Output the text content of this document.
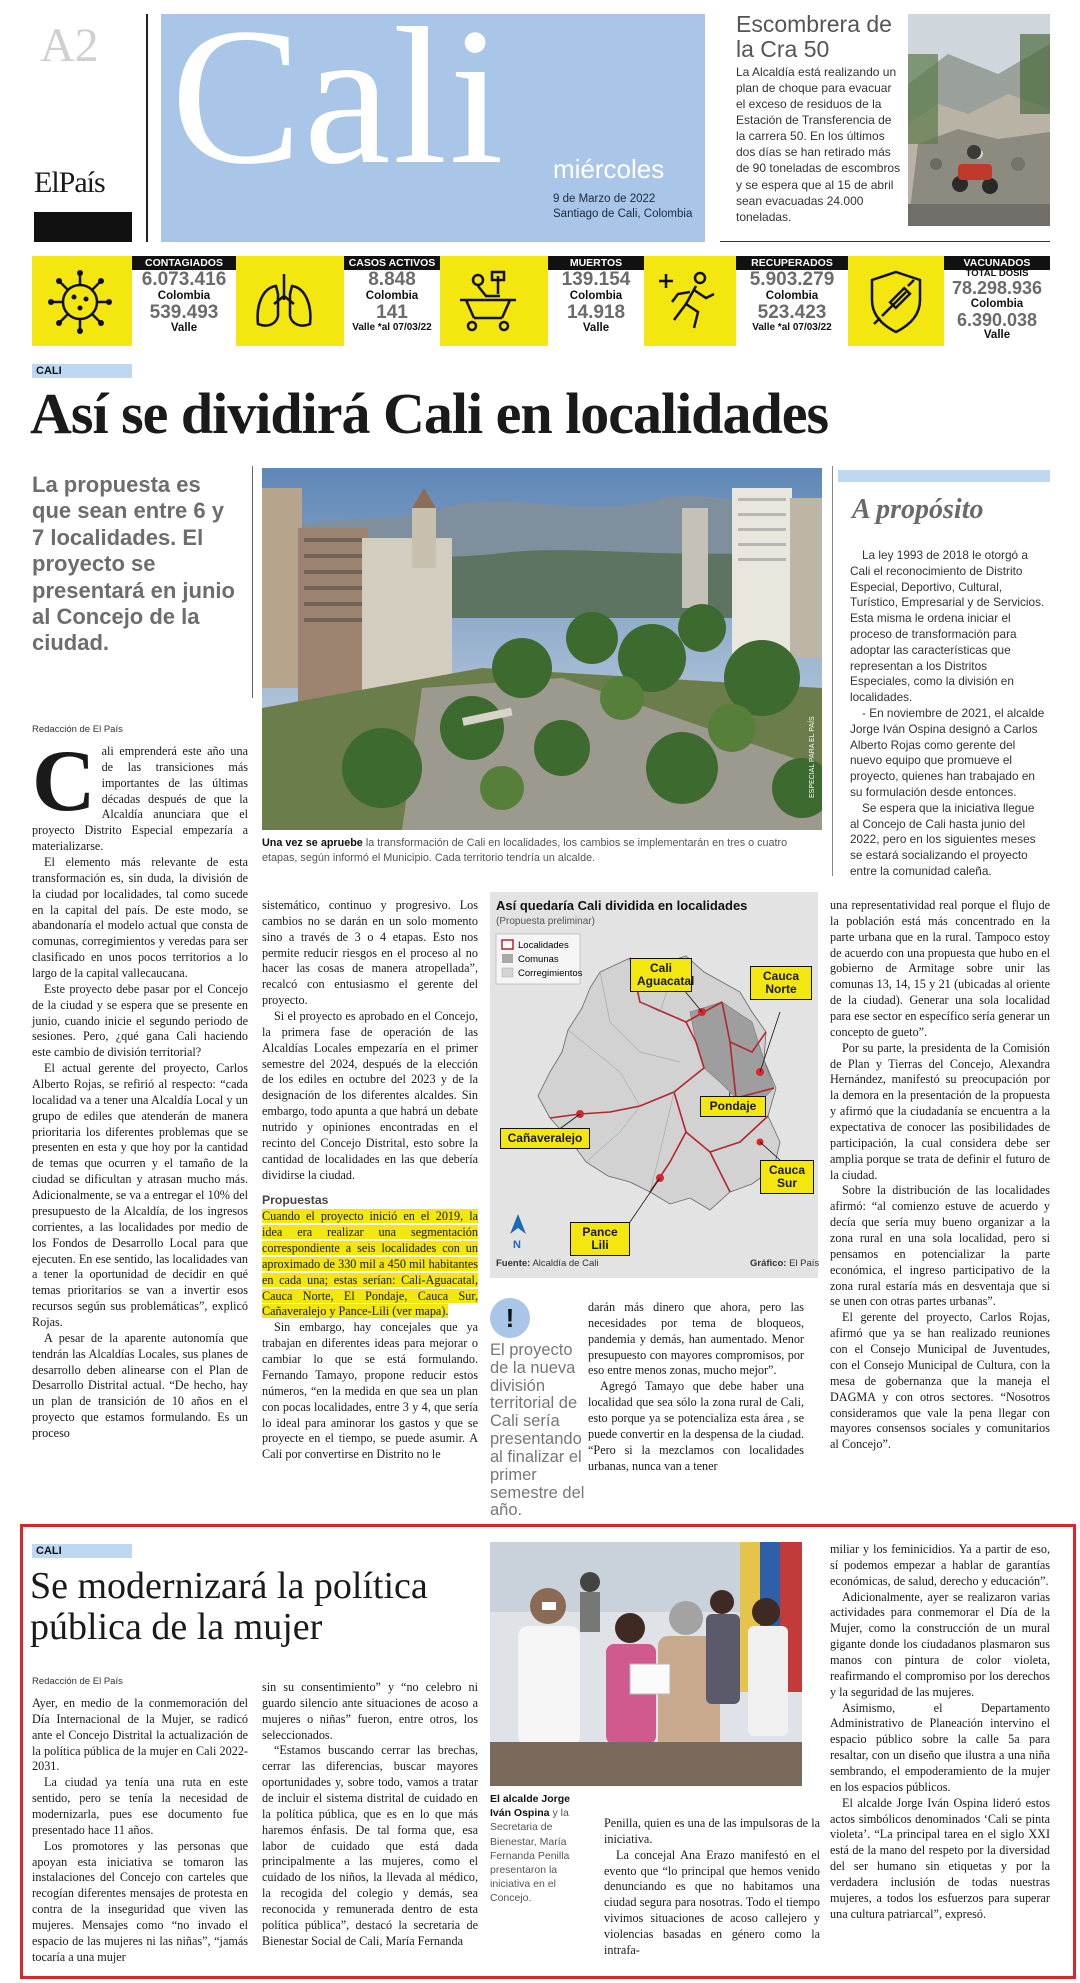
A2
ElPaís Cali miércoles
9 de Marzo de 2022
Santiago de Cali, Colombia
Escombrera de la Cra 50
La Alcaldía está realizando un plan de choque para evacuar el exceso de residuos de la Estación de Transferencia de la carrera 50. En los últimos dos días se han retirado más de 90 toneladas de escombros y se espera que al 15 de abril sean evacuadas 24.000 toneladas.
CONTAGIADOS
6.073.416
Colombia
539.493
Valle
CASOS ACTIVOS
8.848
Colombia
141
Valle *al 07/03/22
MUERTOS
139.154
Colombia
14.918
Valle
RECUPERADOS
5.903.279
Colombia
523.423
Valle *al 07/03/22
VACUNADOS
TOTAL DOSIS
78.298.936
Colombia
6.390.038
Valle
CALI
Así se dividirá Cali en localidades
La propuesta es que sean entre 6 y 7 localidades. El proyecto se presentará en junio al Concejo de la ciudad.
ESPECIAL PARA EL PAÍS
Una vez se apruebe la transformación de Cali en localidades, los cambios se implementarán en tres o cuatro etapas, según informó el Municipio. Cada territorio tendría un alcalde.
A propósito

La ley 1993 de 2018 le otorgó a Cali el reconocimiento de Distrito Especial, Deportivo, Cultural, Turístico, Empresarial y de Servicios. Esta misma le ordena iniciar el proceso de transformación para adoptar las características que representan a los Distritos Especiales, como la división en localidades.

- En noviembre de 2021, el alcalde Jorge Iván Ospina designó a Carlos Alberto Rojas como gerente del nuevo equipo que promueve el proyecto, quienes han trabajado en su formulación desde entonces.

Se espera que la iniciativa llegue al Concejo de Cali hasta junio del 2022, pero en los siguientes meses se estará socializando el proyecto entre la comunidad caleña.

Redacción de El País
C ali emprenderá este año una de las transiciones más importantes de las últimas décadas después de que la Alcaldía anunciara que el proyecto Distrito Especial empezaría a materializarse.

El elemento más relevante de esta transformación es, sin duda, la división de la ciudad por localidades, tal como sucede en la capital del país. De este modo, se abandonaría el modelo actual que consta de comunas, corregimientos y veredas para ser clasificado en unos pocos territorios a lo largo de la capital vallecaucana.

Este proyecto debe pasar por el Concejo de la ciudad y se espera que se presente en junio, cuando inicie el segundo periodo de sesiones. Pero, ¿qué gana Cali haciendo este cambio de división territorial?

El actual gerente del proyecto, Carlos Alberto Rojas, se refirió al respecto: “cada localidad va a tener una Alcaldía Local y un grupo de ediles que atenderán de manera prioritaria los diferentes problemas que se presenten en esta y que hoy por la cantidad de temas que ocurren y el tamaño de la ciudad se dificultan y atrasan mucho más. Adicionalmente, se va a entregar el 10% del presupuesto de la Alcaldía, de los ingresos corrientes, a las localidades por medio de los Fondos de Desarrollo Local para que ejecuten. En ese sentido, las localidades van a tener la oportunidad de decidir en qué temas prioritarios se van a invertir esos recursos según sus problemáticas”, explicó Rojas.

A pesar de la aparente autonomía que tendrán las Alcaldías Locales, sus planes de desarrollo deben alinearse con el Plan de Desarrollo Distrital actual. “De hecho, hay un plan de transición de 10 años en el proyecto que estamos formulando. Es un proceso

sistemático, continuo y progresivo. Los cambios no se darán en un solo momento sino a través de 3 o 4 etapas. Esto nos permite reducir riesgos en el proceso al no hacer las cosas de manera atropellada”, recalcó con entusiasmo el gerente del proyecto.

Si el proyecto es aprobado en el Concejo, la primera fase de operación de las Alcaldías Locales empezaría en el primer semestre del 2024, después de la elección de los ediles en octubre del 2023 y de la designación de los diferentes alcaldes. Sin embargo, todo apunta a que habrá un debate nutrido y opiniones encontradas en el recinto del Concejo Distrital, esto sobre la cantidad de localidades en las que debería dividirse la ciudad.

Propuestas

Cuando el proyecto inició en el 2019, la idea era realizar una segmentación correspondiente a seis localidades con un aproximado de 330 mil a 450 mil habitantes en cada una; estas serían: Cali-Aguacatal, Cauca Norte, El Pondaje, Cauca Sur, Cañaveralejo y Pance-Lili (ver mapa).

Sin embargo, hay concejales que ya trabajan en diferentes ideas para mejorar o cambiar lo que se está formulando. Fernando Tamayo, propone reducir estos números, “en la medida en que sea un plan con pocas localidades, entre 3 y 4, que sería lo ideal para aminorar los gastos y que se proyecte en el tiempo, se puede asumir. A Cali por convertirse en Distrito no le

Así quedaría Cali dividida en localidades
(Propuesta preliminar)
Localidades
Comunas
Corregimientos
N
Cali Aguacatal	Cauca Norte
Pondaje
Cañaveralejo
Cauca Sur
Pance Lili
Fuente: Alcaldía de Cali	Gráfico: El País
!
El proyecto de la nueva división territorial de Cali sería presentando al finalizar el primer semestre del año.

darán más dinero que ahora, pero las necesidades por tema de bloqueos, pandemia y demás, han aumentado. Menor presupuesto con mayores compromisos, por eso entre menos zonas, mucho mejor”.

Agregó Tamayo que debe haber una localidad que sea sólo la zona rural de Cali, esto porque ya se potencializa esta área , se puede convertir en la despensa de la ciudad. “Pero si la mezclamos con localidades urbanas, nunca van a tener

una representatividad real porque el flujo de la población está más concentrado en la parte urbana que en la rural. Tampoco estoy de acuerdo con una propuesta que hubo en el gobierno de Armitage sobre unir las comunas 13, 14, 15 y 21 (ubicadas al oriente de la ciudad). Generar una sola localidad para ese sector en específico sería generar un concepto de gueto”.

Por su parte, la presidenta de la Comisión de Plan y Tierras del Concejo, Alexandra Hernández, manifestó su preocupación por la demora en la presentación de la propuesta y afirmó que la ciudadanía se encuentra a la expectativa de conocer las posibilidades de participación, la cual considera debe ser amplia porque se trata de definir el futuro de la ciudad.

Sobre la distribución de las localidades afirmó: “al comienzo estuve de acuerdo y decía que sería muy bueno organizar a la zona rural en una sola localidad, pero si pensamos en potencializar la parte económica, el ingreso participativo de la zona rural estaría más en desventaja que si se unen con otras partes urbanas”.

El gerente del proyecto, Carlos Rojas, afirmó que ya se han realizado reuniones con el Consejo Municipal de Juventudes, con el Consejo Municipal de Cultura, con la mesa de gobernanza que la maneja el DAGMA y con otros sectores. “Nosotros consideramos que vale la pena llegar con mayores consensos sociales y comunitarios al Concejo”.

CALI
Se modernizará la política pública de la mujer
Redacción de El País

Ayer, en medio de la conmemoración del Día Internacional de la Mujer, se radicó ante el Concejo Distrital la actualización de la política pública de la mujer en Cali 2022-2031.

La ciudad ya tenía una ruta en este sentido, pero se tenía la necesidad de modernizarla, pues ese documento fue presentado hace 11 años.

Los promotores y las personas que apoyan esta iniciativa se tomaron las instalaciones del Concejo con carteles que recogían diferentes mensajes de protesta en contra de la inseguridad que viven las mujeres. Mensajes como “no invado el espacio de las mujeres ni las niñas”, “jamás tocaría a una mujer

sin su consentimiento” y “no celebro ni guardo silencio ante situaciones de acoso a mujeres o niñas” fueron, entre otros, los seleccionados.

“Estamos buscando cerrar las brechas, cerrar las diferencias, buscar mayores oportunidades y, sobre todo, vamos a tratar de incluir el sistema distrital de cuidado en la política pública, que es en lo que más haremos énfasis. De tal forma que, esa labor de cuidado que está dada principalmente a las mujeres, como el cuidado de los niños, la llevada al médico, la recogida del colegio y demás, sea reconocida y remunerada dentro de esta política pública”, destacó la secretaria de Bienestar Social de Cali, María Fernanda

El alcalde Jorge Iván Ospina y la Secretaria de Bienestar, María Fernanda Penilla presentaron la iniciativa en el Concejo.

Penilla, quien es una de las impulsoras de la iniciativa.

La concejal Ana Erazo manifestó en el evento que “lo principal que hemos venido denunciando es que no habitamos una ciudad segura para nosotras. Todo el tiempo vivimos situaciones de acoso callejero y violencias basadas en género como la intrafa-

miliar y los feminicidios. Ya a partir de eso, sí podemos empezar a hablar de garantías económicas, de salud, derecho y educación”.

Adicionalmente, ayer se realizaron varias actividades para conmemorar el Día de la Mujer, como la construcción de un mural gigante donde los ciudadanos plasmaron sus manos con pintura de color violeta, reafirmando el compromiso por los derechos y la seguridad de las mujeres.

Asimismo, el Departamento Administrativo de Planeación intervino el espacio público sobre la calle 5a para resaltar, con un diseño que ilustra a una niña sembrando, el empoderamiento de la mujer en los espacios públicos.

El alcalde Jorge Iván Ospina lideró estos actos simbólicos denominados ‘Cali se pinta violeta’. “La principal tarea en el siglo XXI está de la mano del respeto por la diversidad del ser humano sin etiquetas y por la verdadera inclusión de todas nuestras mujeres, a todos los esfuerzos para superar una cultura patriarcal”, expresó.
